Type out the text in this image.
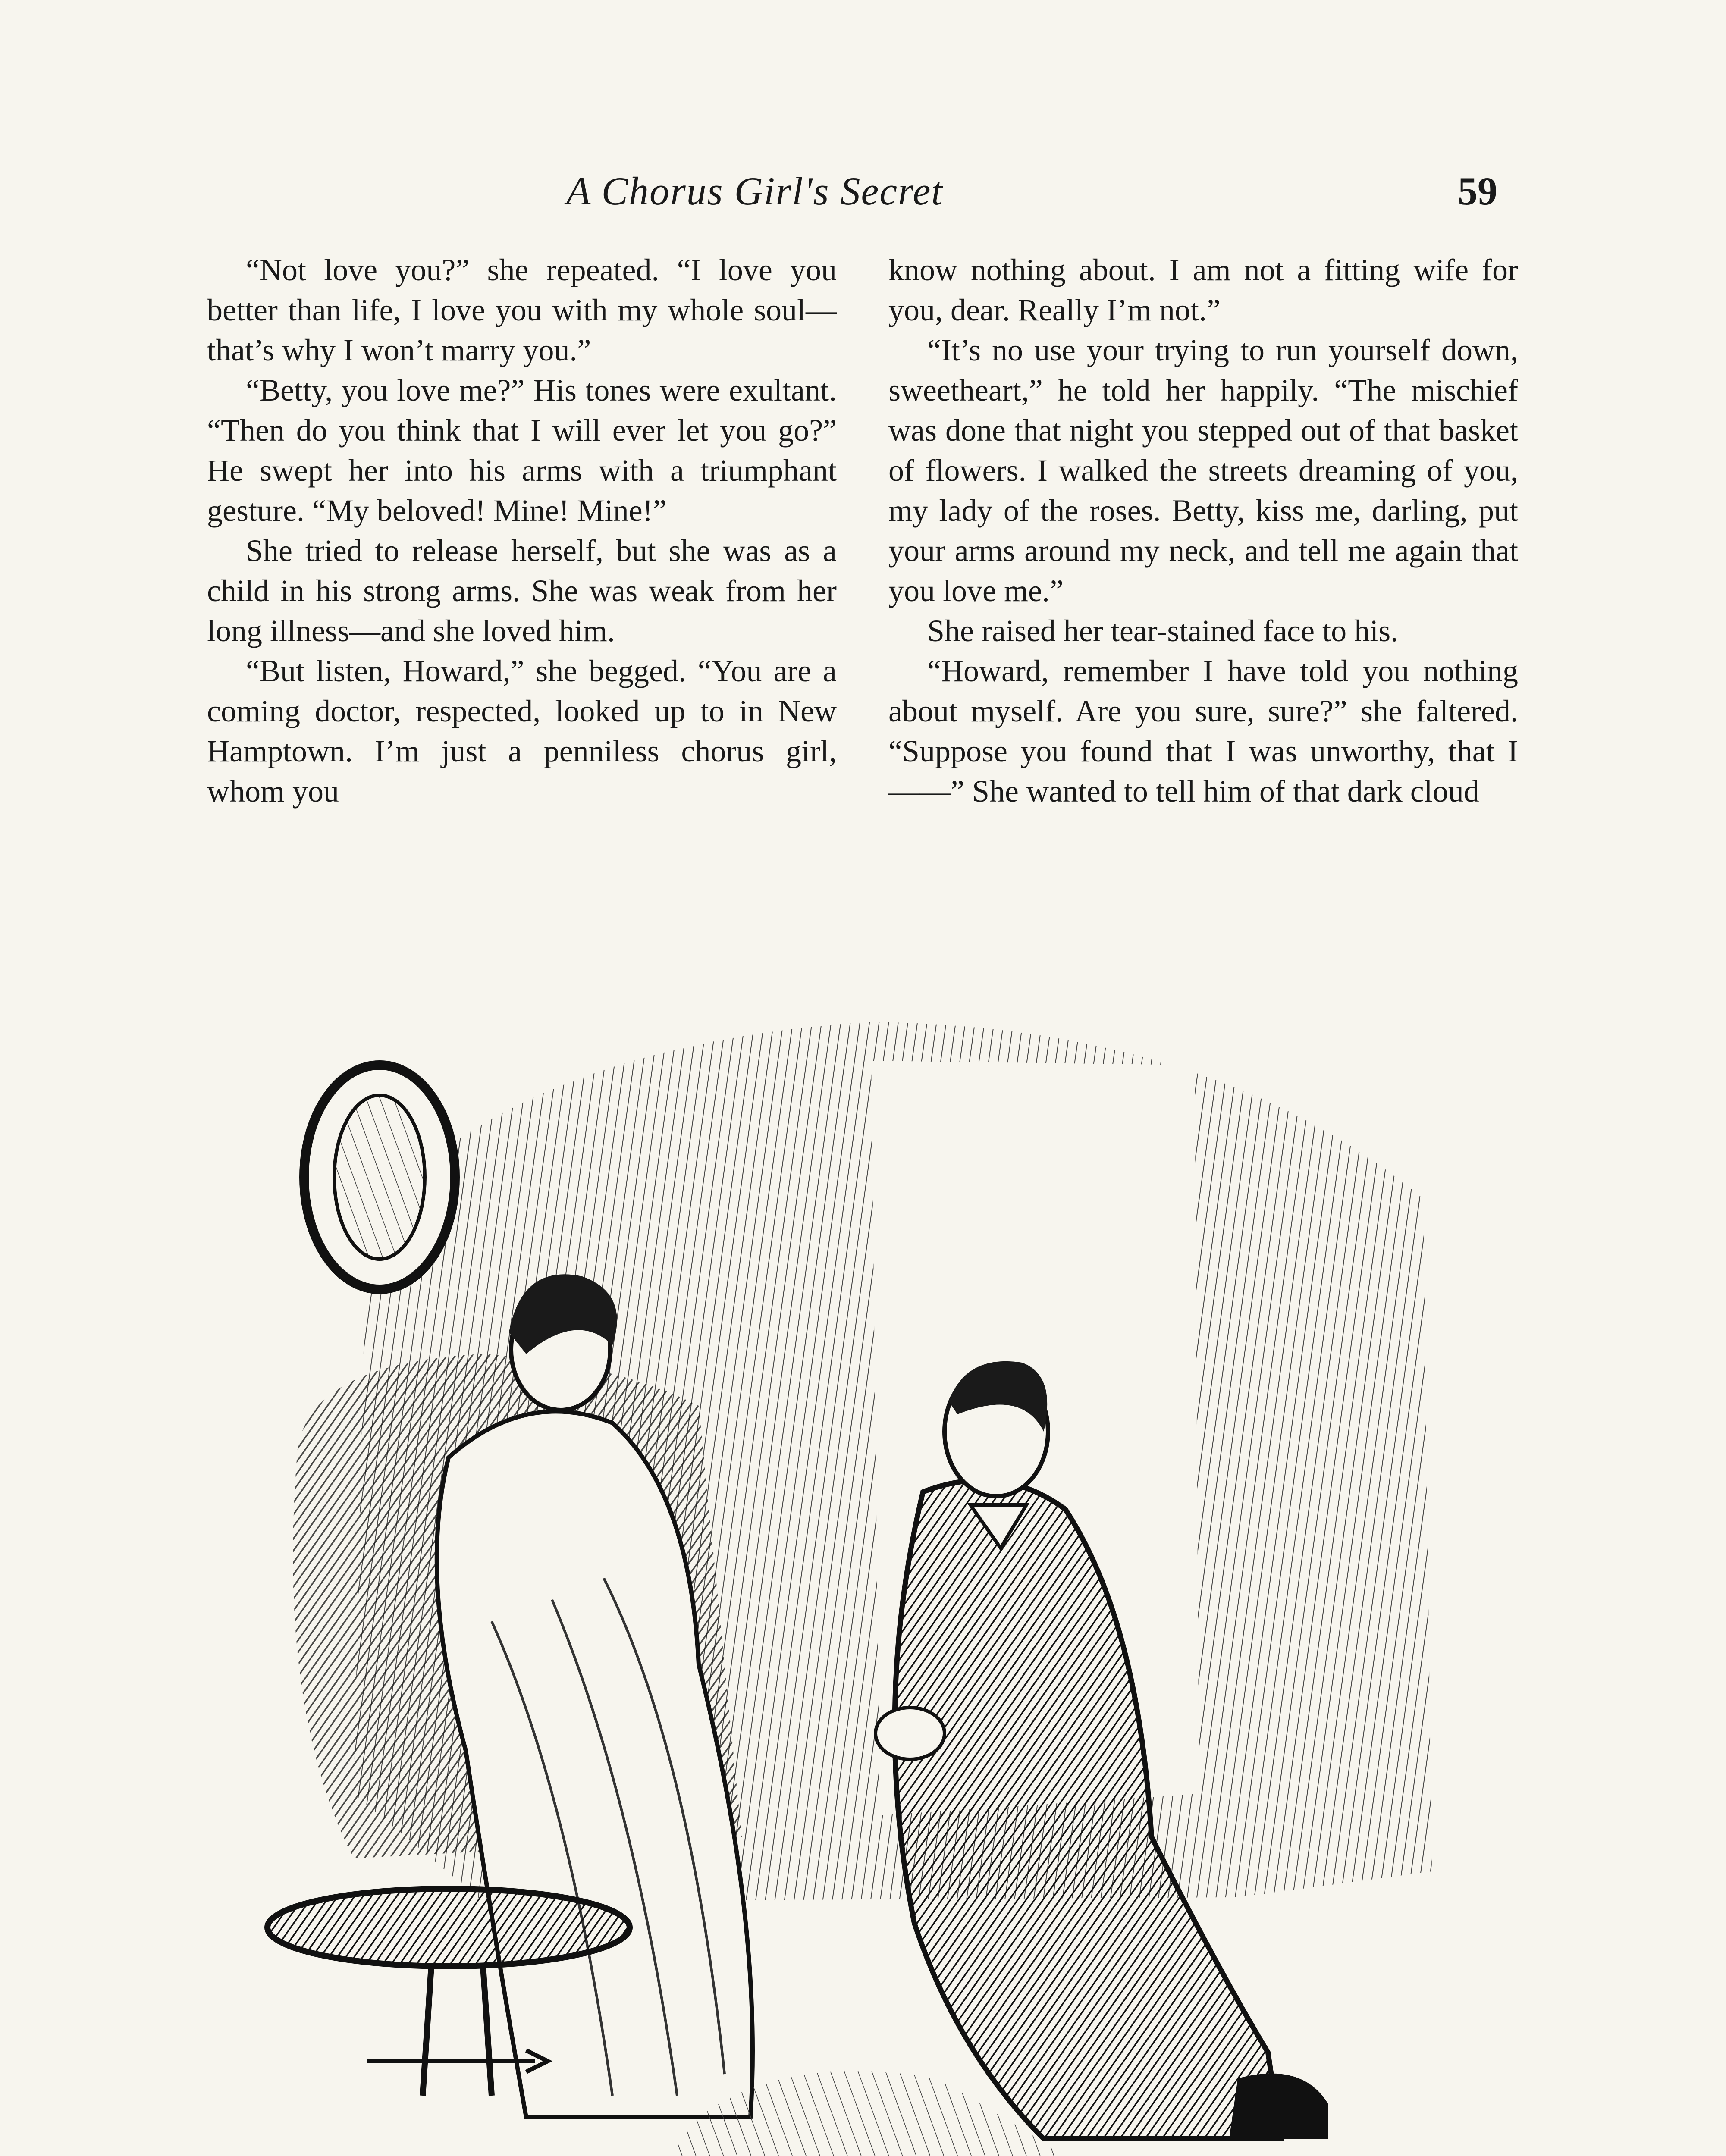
A Chorus Girl's Secret	59

“Not love you?” she repeated. “I love you better than life, I love you with my whole soul—that’s why I won’t marry you.”

“Betty, you love me?” His tones were exultant. “Then do you think that I will ever let you go?” He swept her into his arms with a triumphant gesture. “My beloved! Mine! Mine!”

She tried to release herself, but she was as a child in his strong arms. She was weak from her long illness—and she loved him.

“But listen, Howard,” she begged. “You are a coming doctor, respected, looked up to in New Hamptown. I’m just a penniless chorus girl, whom you

know nothing about. I am not a fitting wife for you, dear. Really I’m not.”

“It’s no use your trying to run yourself down, sweetheart,” he told her happily. “The mischief was done that night you stepped out of that basket of flowers. I walked the streets dreaming of you, my lady of the roses. Betty, kiss me, darling, put your arms around my neck, and tell me again that you love me.”

She raised her tear-stained face to his.

“Howard, remember I have told you nothing about myself. Are you sure, sure?” she faltered. “Suppose you found that I was unworthy, that I——” She wanted to tell him of that dark cloud
